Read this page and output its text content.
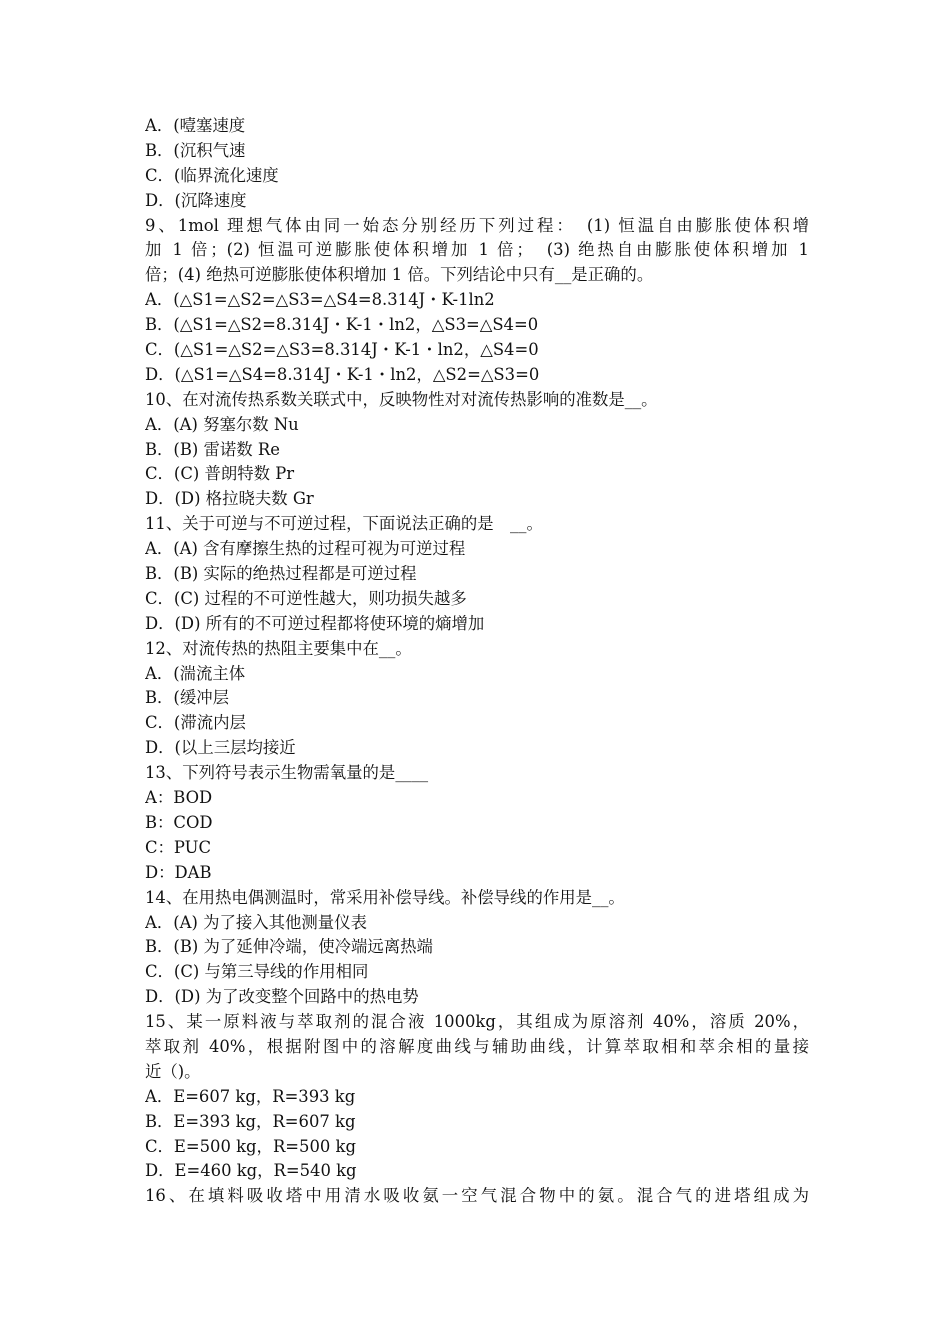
A．(噎塞速度
B．(沉积气速
C．(临界流化速度
D．(沉降速度
9、1mol 理想气体由同一始态分别经历下列过程：　(1) 恒温自由膨胀使体积增
加 1 倍；(2) 恒温可逆膨胀使体积增加 1 倍；　(3) 绝热自由膨胀使体积增加 1
倍；(4) 绝热可逆膨胀使体积增加 1 倍。下列结论中只有__是正确的。
A．(△S1=△S2=△S3=△S4=8.314J・K-1ln2
B．(△S1=△S2=8.314J・K-1・ln2，△S3=△S4=0
C．(△S1=△S2=△S3=8.314J・K-1・ln2，△S4=0
D．(△S1=△S4=8.314J・K-1・ln2，△S2=△S3=0
10、在对流传热系数关联式中，反映物性对对流传热影响的准数是__。
A．(A) 努塞尔数 Nu
B．(B) 雷诺数 Re
C．(C) 普朗特数 Pr
D．(D) 格拉晓夫数 Gr
11、关于可逆与不可逆过程，下面说法正确的是　__。
A．(A) 含有摩擦生热的过程可视为可逆过程
B．(B) 实际的绝热过程都是可逆过程
C．(C) 过程的不可逆性越大，则功损失越多
D．(D) 所有的不可逆过程都将使环境的熵增加
12、对流传热的热阻主要集中在__。
A．(湍流主体
B．(缓冲层
C．(滞流内层
D．(以上三层均接近
13、下列符号表示生物需氧量的是____
A：BOD
B：COD
C：PUC
D：DAB
14、在用热电偶测温时，常采用补偿导线。补偿导线的作用是__。
A．(A) 为了接入其他测量仪表
B．(B) 为了延伸冷端，使冷端远离热端
C．(C) 与第三导线的作用相同
D．(D) 为了改变整个回路中的热电势
15、某一原料液与萃取剂的混合液 1000kg，其组成为原溶剂 40%，溶质 20%，
萃取剂 40%，根据附图中的溶解度曲线与辅助曲线，计算萃取相和萃余相的量接
近（)。
A．E=607 kg，R=393 kg
B．E=393 kg，R=607 kg
C．E=500 kg，R=500 kg
D．E=460 kg，R=540 kg
16、在填料吸收塔中用清水吸收氨一空气混合物中的氨。混合气的进塔组成为
